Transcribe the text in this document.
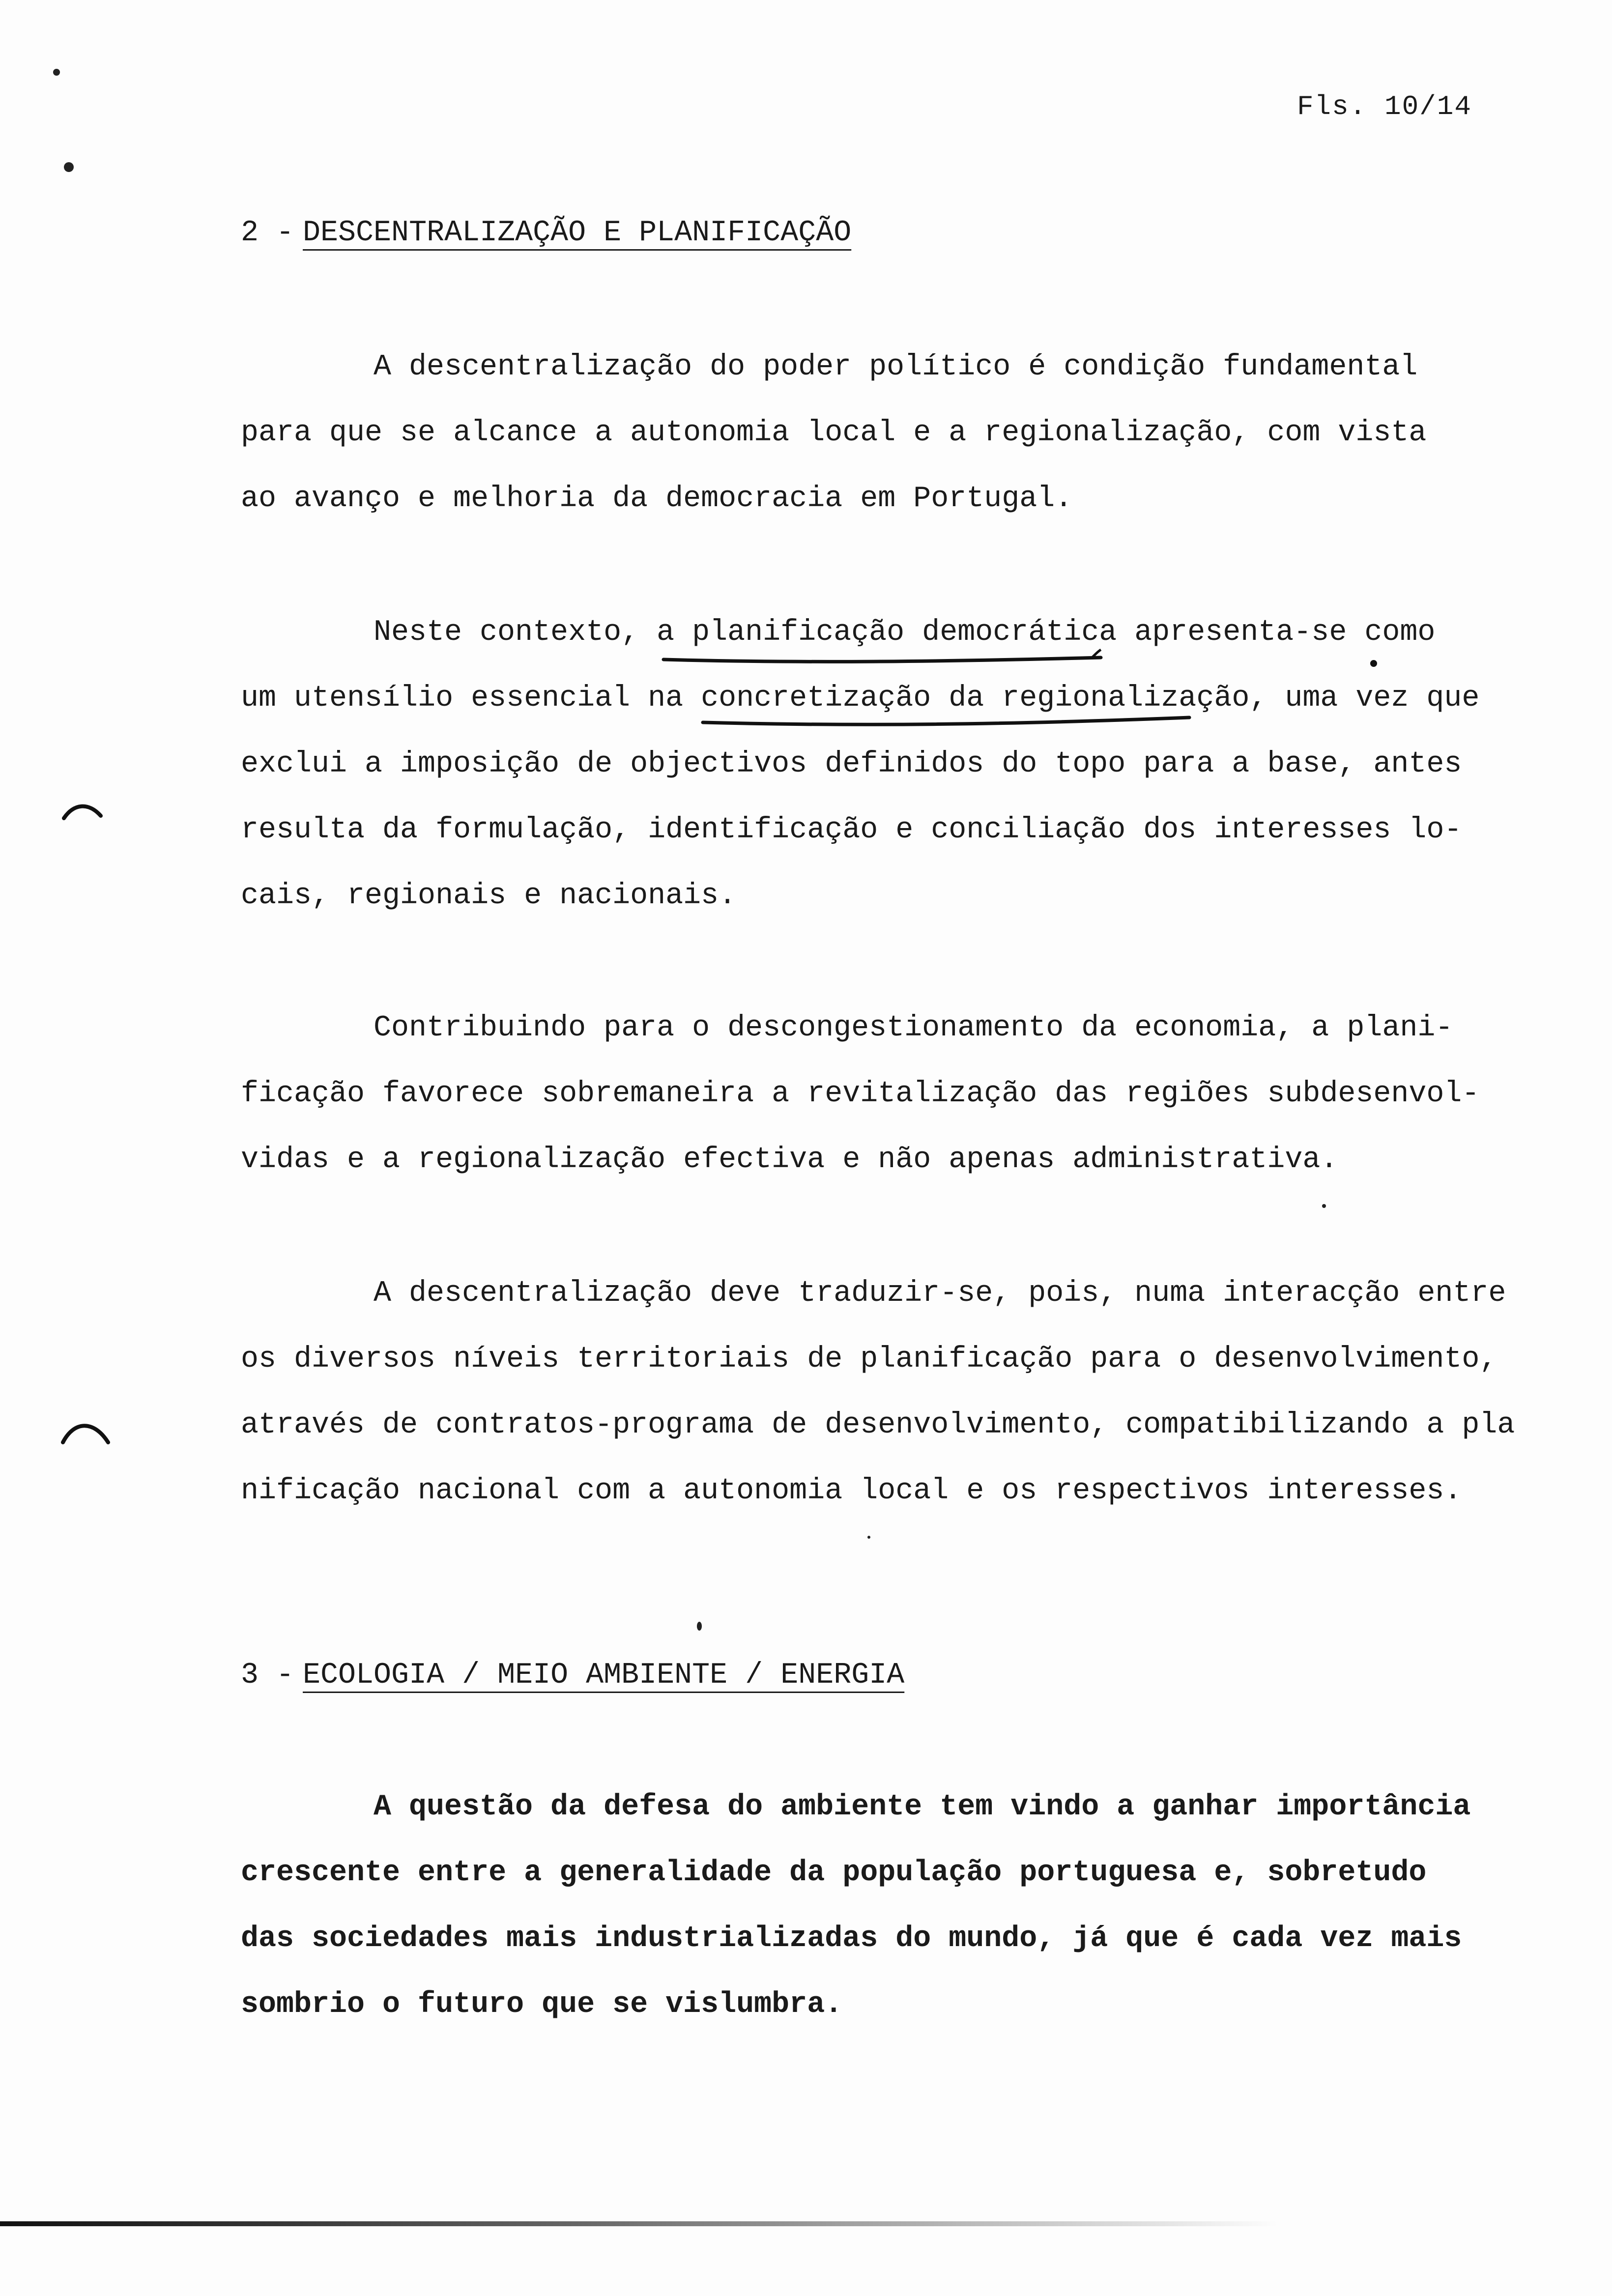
Fls. 10/14
2 - DESCENTRALIZAÇÃO E PLANIFICAÇÃO
A descentralização do poder político é condição fundamental
para que se alcance a autonomia local e a regionalização, com vista
ao avanço e melhoria da democracia em Portugal.
Neste contexto, a planificação democrática apresenta-se como
um utensílio essencial na concretização da regionalização, uma vez que
exclui a imposição de objectivos definidos do topo para a base, antes
resulta da formulação, identificação e conciliação dos interesses lo-
cais, regionais e nacionais.
Contribuindo para o descongestionamento da economia, a plani-
ficação favorece sobremaneira a revitalização das regiões subdesenvol-
vidas e a regionalização efectiva e não apenas administrativa.
A descentralização deve traduzir-se, pois, numa interacção entre
os diversos níveis territoriais de planificação para o desenvolvimento,
através de contratos-programa de desenvolvimento, compatibilizando a pla
nificação nacional com a autonomia local e os respectivos interesses.
3 - ECOLOGIA / MEIO AMBIENTE / ENERGIA
A questão da defesa do ambiente tem vindo a ganhar importância
crescente entre a generalidade da população portuguesa e, sobretudo
das sociedades mais industrializadas do mundo, já que é cada vez mais
sombrio o futuro que se vislumbra.
